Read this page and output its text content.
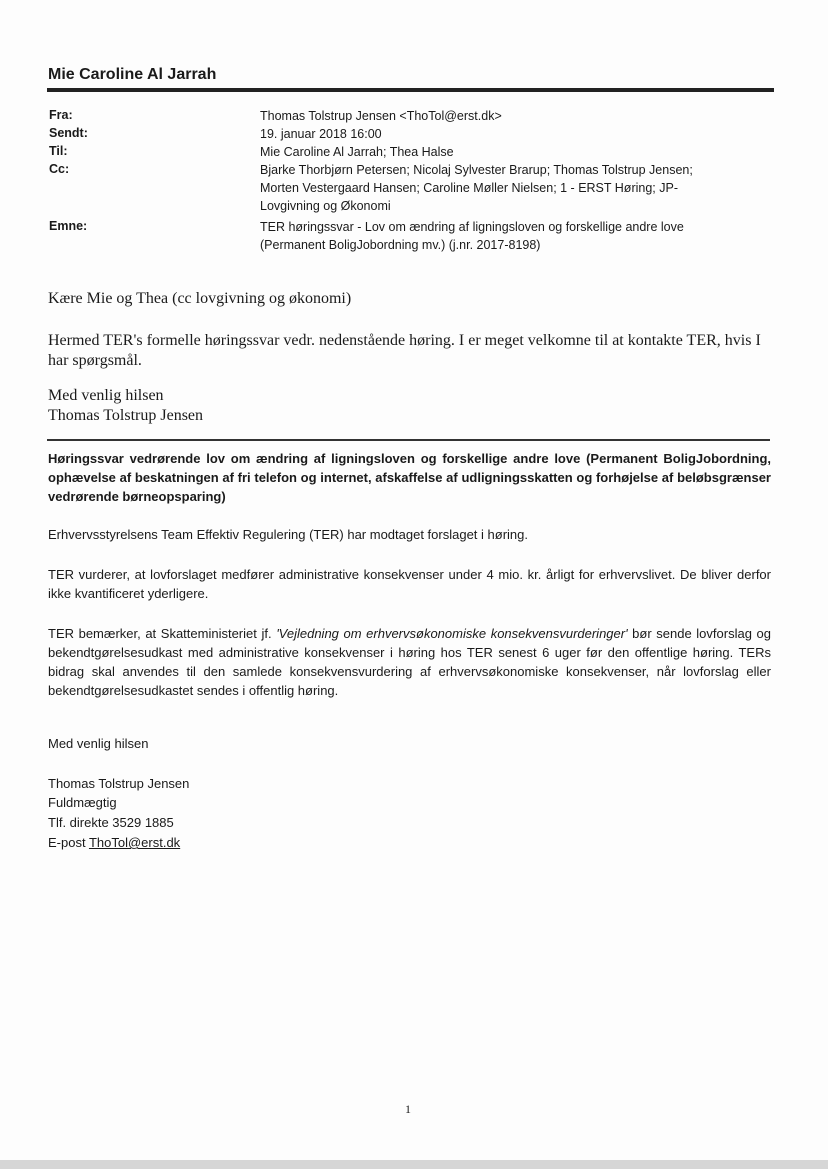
Mie Caroline Al Jarrah
Fra:	Thomas Tolstrup Jensen <ThoTol@erst.dk>
Sendt:	19. januar 2018 16:00
Til:	Mie Caroline Al Jarrah; Thea Halse
Cc:	Bjarke Thorbjørn Petersen; Nicolaj Sylvester Brarup; Thomas Tolstrup Jensen;
Morten Vestergaard Hansen; Caroline Møller Nielsen; 1 - ERST Høring; JP-
Lovgivning og Økonomi
Emne:	TER høringssvar - Lov om ændring af ligningsloven og forskellige andre love
(Permanent BoligJobordning mv.) (j.nr. 2017-8198)
Kære Mie og Thea (cc lovgivning og økonomi)
Hermed TER's formelle høringssvar vedr. nedenstående høring. I er meget velkomne til at kontakte TER, hvis I har spørgsmål.
Med venlig hilsen
Thomas Tolstrup Jensen
Høringssvar vedrørende lov om ændring af ligningsloven og forskellige andre love (Permanent BoligJobordning, ophævelse af beskatningen af fri telefon og internet, afskaffelse af udligningsskatten og forhøjelse af beløbsgrænser vedrørende børneopsparing)
Erhvervsstyrelsens Team Effektiv Regulering (TER) har modtaget forslaget i høring.
TER vurderer, at lovforslaget medfører administrative konsekvenser under 4 mio. kr. årligt for erhvervslivet. De bliver derfor ikke kvantificeret yderligere.
TER bemærker, at Skatteministeriet jf. 'Vejledning om erhvervsøkonomiske konsekvensvurderinger' bør sende lovforslag og bekendtgørelsesudkast med administrative konsekvenser i høring hos TER senest 6 uger før den offentlige høring. TERs bidrag skal anvendes til den samlede konsekvensvurdering af erhvervsøkonomiske konsekvenser, når lovforslag eller bekendtgørelsesudkastet sendes i offentlig høring.
Med venlig hilsen
Thomas Tolstrup Jensen
Fuldmægtig
Tlf. direkte 3529 1885
E-post ThoTol@erst.dk
1
